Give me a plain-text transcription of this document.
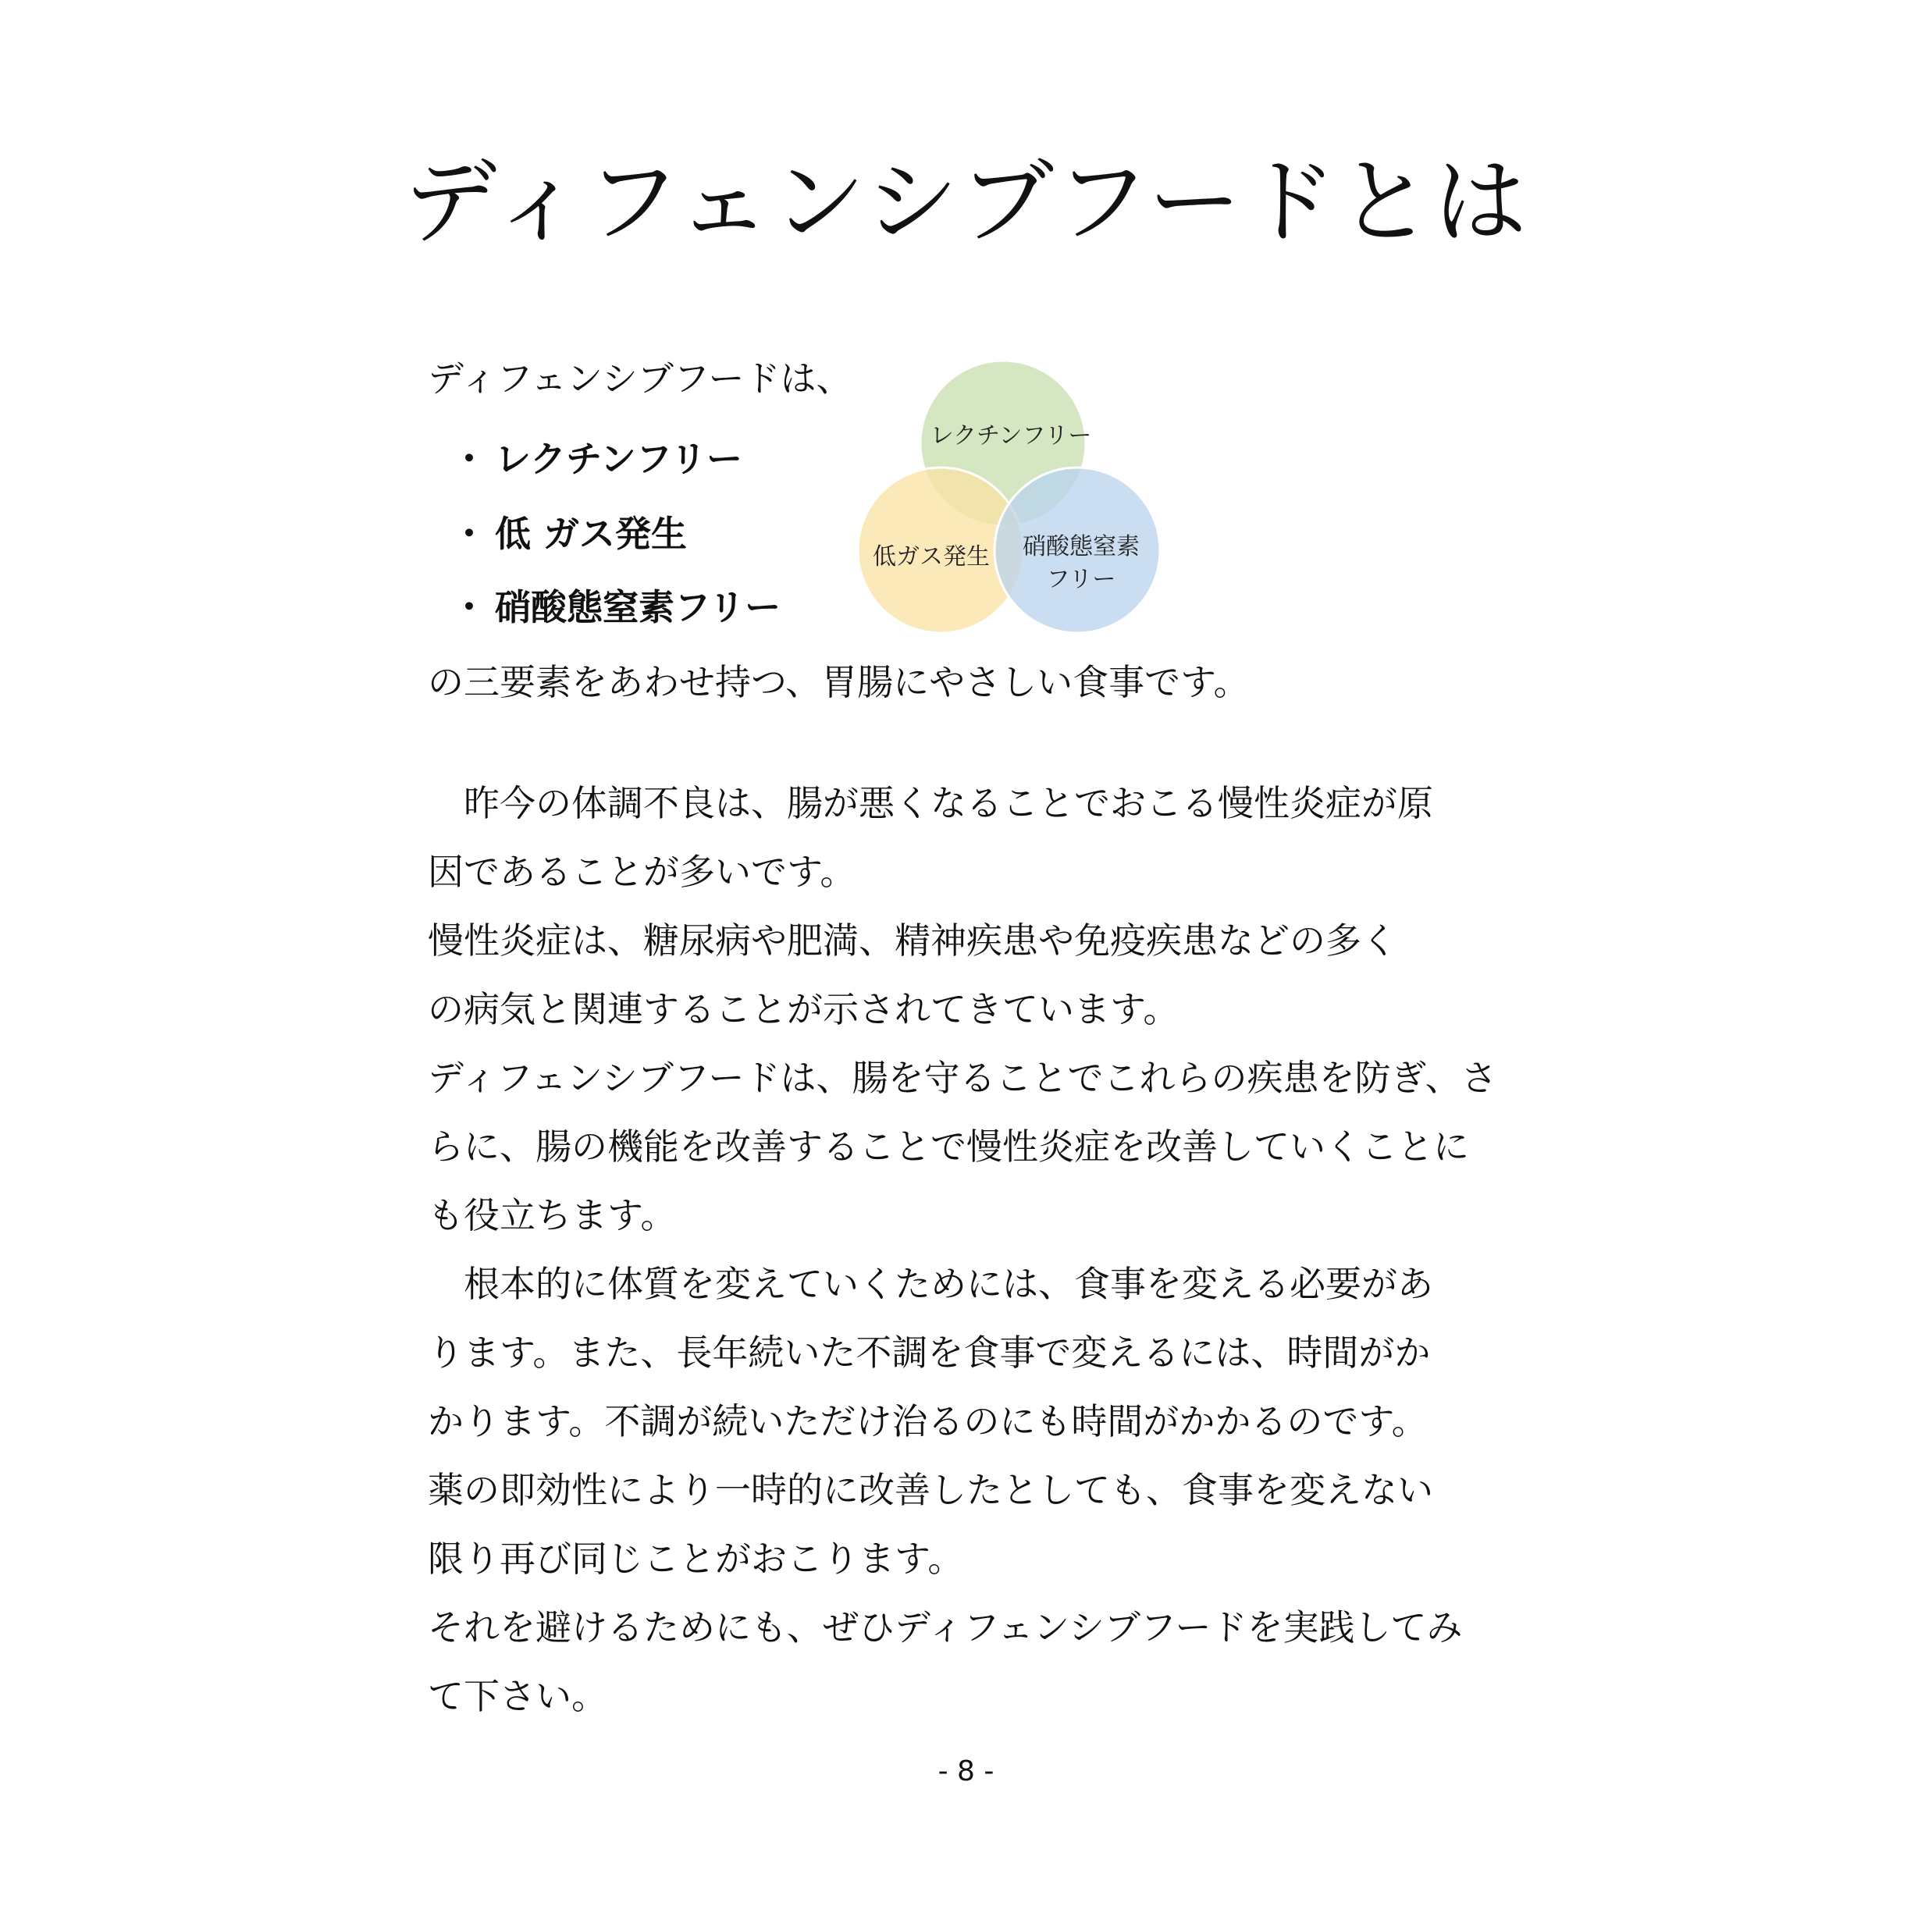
ディフェンシブフードとは
ディフェンシブフードは、
・ レクチンフリー
・ 低 ガス発生
・ 硝酸態窒素フリー
レクチンフリー
低ガス発生 硝酸態窒素
フリー
の三要素をあわせ持つ、胃腸にやさしい食事です。

　昨今の体調不良は、腸が悪くなることでおこる慢性炎症が原

因であることが多いです。

慢性炎症は、糖尿病や肥満、精神疾患や免疫疾患などの多く

の病気と関連することが示されてきています。

ディフェンシブフードは、腸を守ることでこれらの疾患を防ぎ、さ

らに、腸の機能を改善することで慢性炎症を改善していくことに

も役立ちます。

　根本的に体質を変えていくためには、食事を変える必要があ

ります。また、長年続いた不調を食事で変えるには、時間がか

かります。不調が続いただけ治るのにも時間がかかるのです。

薬の即効性により一時的に改善したとしても、食事を変えない

限り再び同じことがおこります。

それを避けるためにも、ぜひディフェンシブフードを実践してみ

て下さい。

- 8 -
